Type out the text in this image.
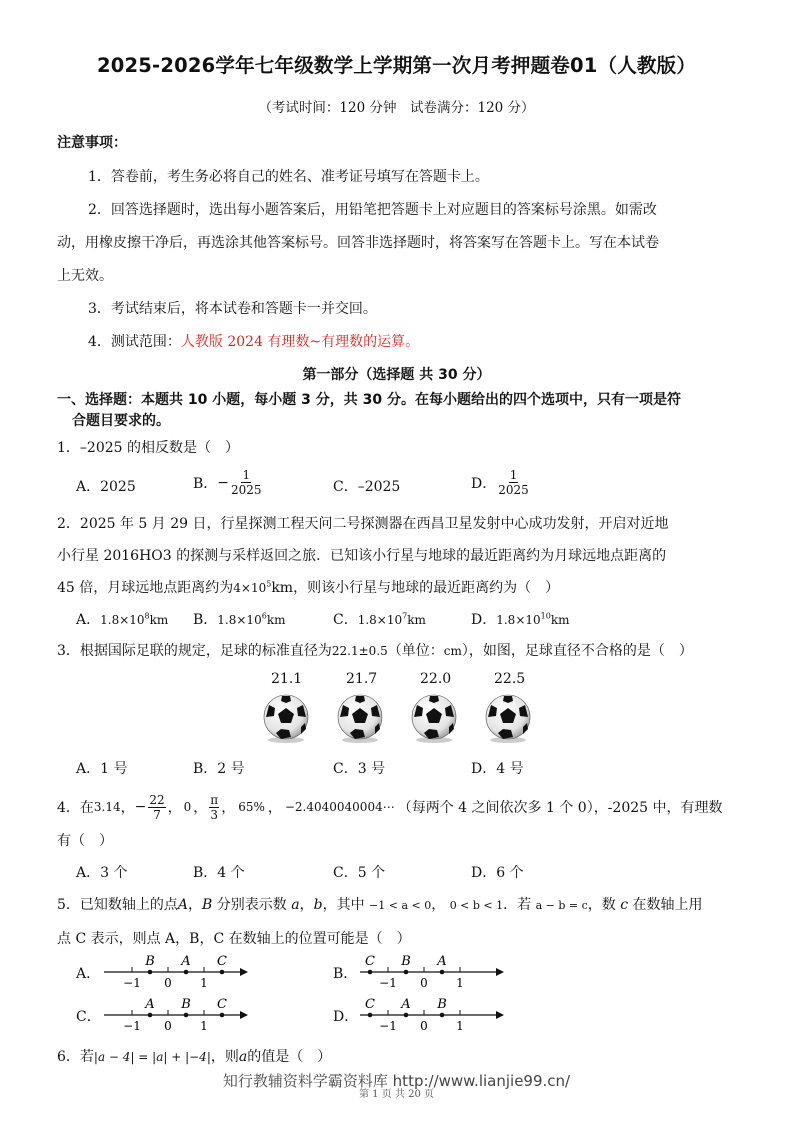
2025-2026学年七年级数学上学期第一次月考押题卷01（人教版）
（考试时间：120 分钟　试卷满分：120 分）
注意事项：
1．答卷前，考生务必将自己的姓名、准考证号填写在答题卡上。
2．回答选择题时，选出每小题答案后，用铅笔把答题卡上对应题目的答案标号涂黑。如需改
动，用橡皮擦干净后，再选涂其他答案标号。回答非选择题时，将答案写在答题卡上。写在本试卷
上无效。
3．考试结束后，将本试卷和答题卡一并交回。
4．测试范围：人教版 2024 有理数~有理数的运算。
第一部分（选择题 共 30 分）
一、选择题：本题共 10 小题，每小题 3 分，共 30 分。在每小题给出的四个选项中，只有一项是符
合题目要求的。
1．–2025 的相反数是（　）
A．2025	B． − $\frac{1}{2025}$	C．–2025	D． $\frac{1}{2025}$
2．2025 年 5 月 29 日，行星探测工程天问二号探测器在西昌卫星发射中心成功发射，开启对近地
小行星 2016HO3 的探测与采样返回之旅．已知该小行星与地球的最近距离约为月球远地点距离的
45 倍，月球远地点距离约为$4\times 10^5km$，则该小行星与地球的最近距离约为（　）
A．$1.8\times 10^8km$ B．$1.8\times 10^6km$	C．$1.8\times 10^7km$	D．$1.8\times 10^{10}km$
3．根据国际足联的规定，足球的标准直径为22.1±0.5（单位：cm），如图，足球直径不合格的是（　）
21.1	21.7	22.0	22.5
A．1 号	B．2 号	C．3 号	D．4 号
4．在 3.14 ， − $\frac{22}{7}$ ， 0 ， $\frac{\pi}{3}$ ， 65% ， −2.4040040004⋯ （每两个 4 之间依次多 1 个 0），-2025 中，有理数
有（　）
A．3 个	B．4 个	C．5 个	D．6 个
5．已知数轴上的点A，B 分别表示数 a，b，其中 −1 < a < 0， 0 < b < 1．若 a − b = c，数 c 在数轴上用
点 C 表示，则点 A，B，C 在数轴上的位置可能是（　）
A．	B．
C．	D．
−1 0 1
B A C
−1 0 1
C B A
−1 0 1
A B C
−1 0 1
C A B
6．若|a − 4| = |a| + |−4|，则a的值是（　）
知行教辅资料学霸资料库 http://www.lianjie99.cn/
第 1 页 共 20 页
